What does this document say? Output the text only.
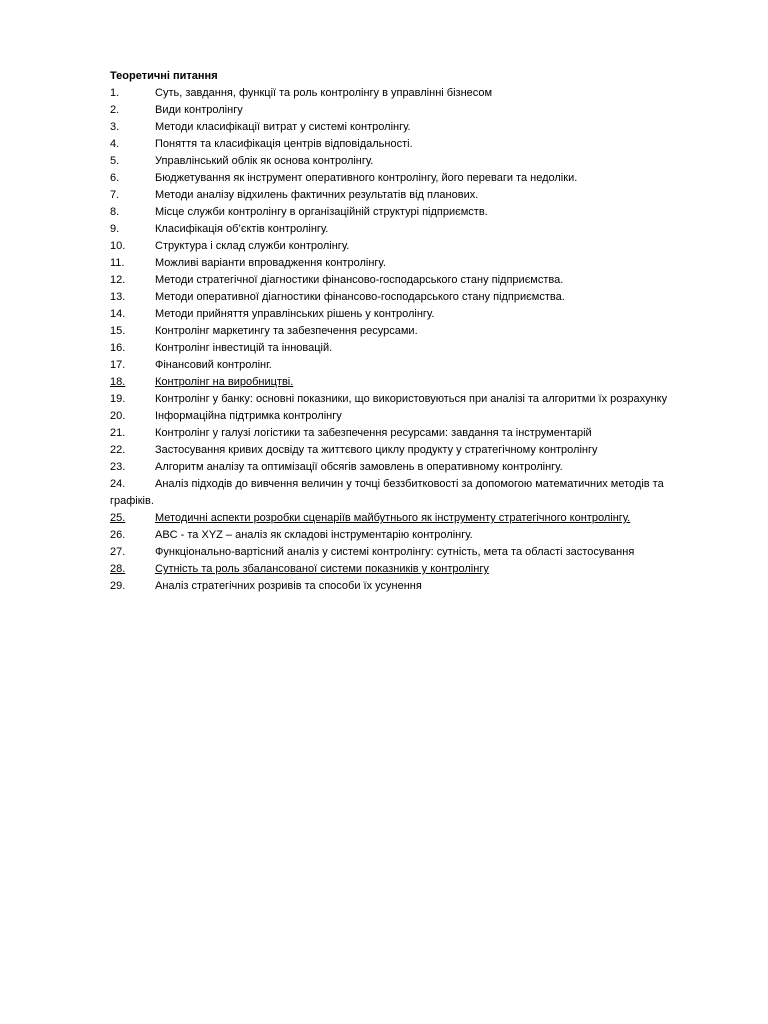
Теоретичні питання
1.	Суть, завдання, функції та роль контролінгу в управлінні бізнесом
2.	Види контролінгу
3.	Методи класифікації витрат у системі контролінгу.
4.	Поняття та класифікація центрів відповідальності.
5.	Управлінський облік як основа контролінгу.
6.	Бюджетування як інструмент оперативного контролінгу, його переваги та недоліки.
7.	Методи аналізу відхилень фактичних результатів від планових.
8.	Місце служби контролінгу в організаційній структурі підприємств.
9.	Класифікація об’єктів контролінгу.
10.	Структура і склад служби контролінгу.
11.	Можливі варіанти впровадження контролінгу.
12.	Методи стратегічної діагностики фінансово-господарського стану підприємства.
13.	Методи оперативної діагностики фінансово-господарського стану підприємства.
14.	Методи прийняття управлінських рішень у контролінгу.
15.	Контролінг маркетингу та забезпечення ресурсами.
16.	Контролінг інвестицій та інновацій.
17.	Фінансовий контролінг.
18.	Контролінг на виробництві.
19.	Контролінг у банку: основні показники, що використовуються при аналізі та алгоритми їх розрахунку
20.	Інформаційна підтримка контролінгу
21.	Контролінг у галузі логістики та забезпечення ресурсами: завдання та інструментарій
22.	Застосування кривих досвіду та життєвого циклу продукту у стратегічному контролінгу
23.	Алгоритм аналізу та оптимізації обсягів замовлень в оперативному контролінгу.
24.	Аналіз підходів до вивчення величин у точці беззбитковості за допомогою математичних методів та
графіків.
25.	Методичні аспекти розробки сценаріїв майбутнього як інструменту стратегічного контролінгу.
26.	ABC - та XYZ – аналіз як складові інструментарію контролінгу.
27.	Функціонально-вартісний аналіз у системі контролінгу: сутність, мета та області застосування
28.	Сутність та роль збалансованої системи показників у контролінгу
29.	Аналіз стратегічних розривів та способи їх усунення
